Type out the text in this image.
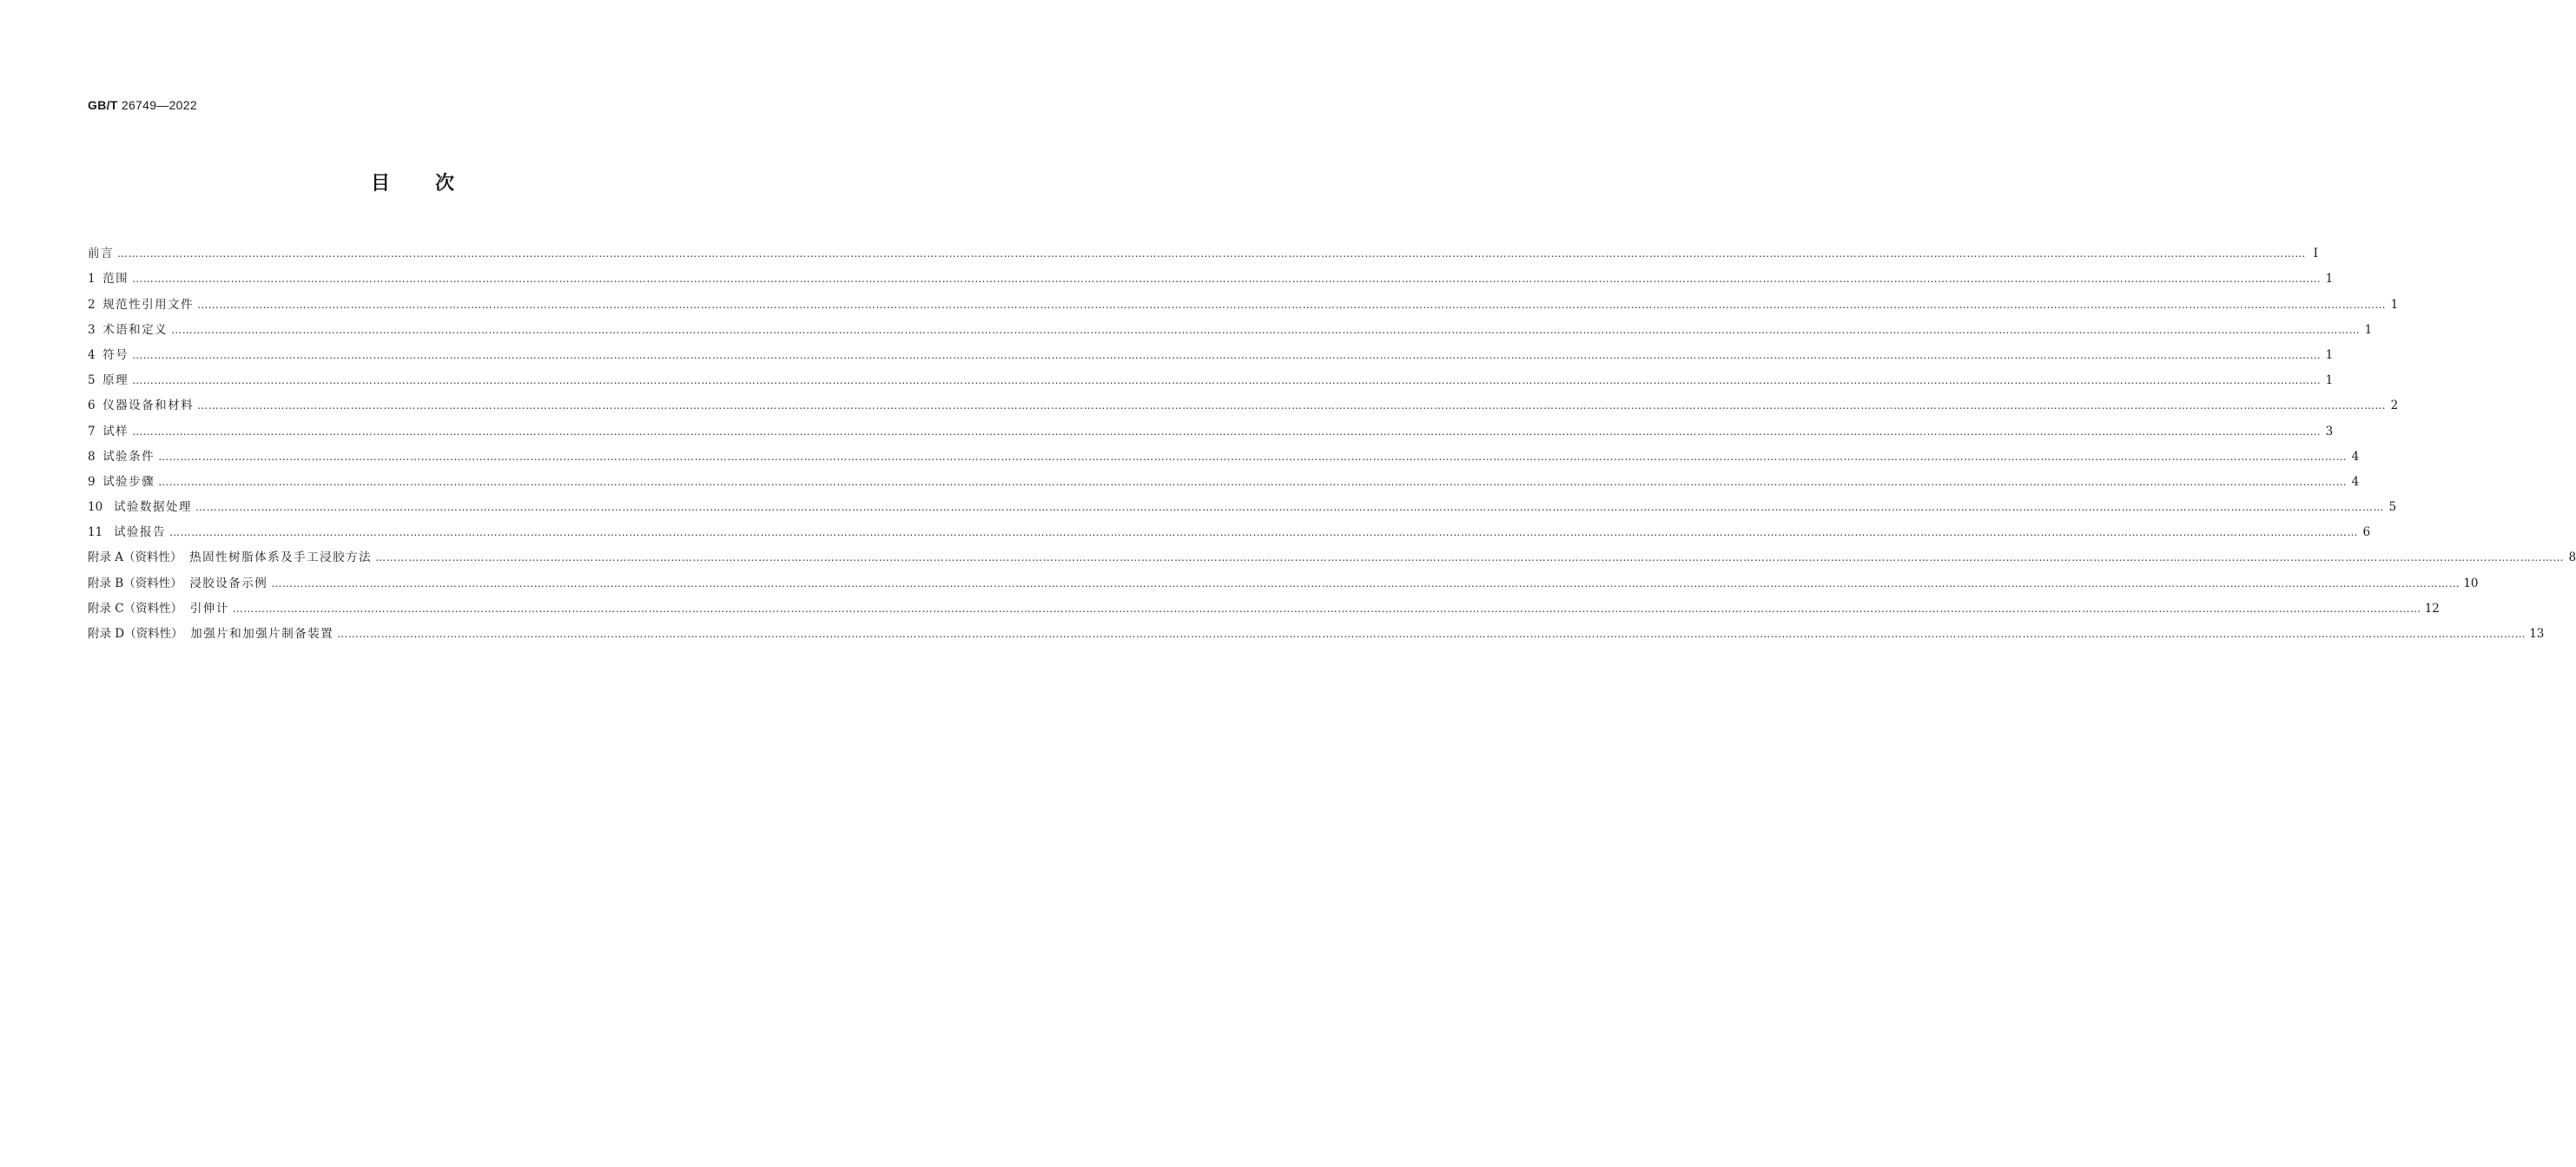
GB/T 26749—2022
目次
前言 …………………………………………………………………………………………………………………………………………………………………………………………………………………………………………………………………………………………………………………………………………………………………………………………………………………………………………………………………………………………………………………………………………………… Ⅰ
1
范围 …………………………………………………………………………………………………………………………………………………………………………………………………………………………………………………………………………………………………………………………………………………………………………………………………………………………………………………………………………………………………………………………………………………… 1
2
规范性引用文件 …………………………………………………………………………………………………………………………………………………………………………………………………………………………………………………………………………………………………………………………………………………………………………………………………………………………………………………………………………………………………………………………………………………… 1
3
术语和定义 …………………………………………………………………………………………………………………………………………………………………………………………………………………………………………………………………………………………………………………………………………………………………………………………………………………………………………………………………………………………………………………………………………………… 1
4
符号 …………………………………………………………………………………………………………………………………………………………………………………………………………………………………………………………………………………………………………………………………………………………………………………………………………………………………………………………………………………………………………………………………………………… 1
5
原理 …………………………………………………………………………………………………………………………………………………………………………………………………………………………………………………………………………………………………………………………………………………………………………………………………………………………………………………………………………………………………………………………………………………… 1
6
仪器设备和材料 …………………………………………………………………………………………………………………………………………………………………………………………………………………………………………………………………………………………………………………………………………………………………………………………………………………………………………………………………………………………………………………………………………………… 2
7
试样 …………………………………………………………………………………………………………………………………………………………………………………………………………………………………………………………………………………………………………………………………………………………………………………………………………………………………………………………………………………………………………………………………………………… 3
8
试验条件 …………………………………………………………………………………………………………………………………………………………………………………………………………………………………………………………………………………………………………………………………………………………………………………………………………………………………………………………………………………………………………………………………………………… 4
9
试验步骤 …………………………………………………………………………………………………………………………………………………………………………………………………………………………………………………………………………………………………………………………………………………………………………………………………………………………………………………………………………………………………………………………………………………… 4
10
试验数据处理 …………………………………………………………………………………………………………………………………………………………………………………………………………………………………………………………………………………………………………………………………………………………………………………………………………………………………………………………………………………………………………………………………………………… 5
11
试验报告 …………………………………………………………………………………………………………………………………………………………………………………………………………………………………………………………………………………………………………………………………………………………………………………………………………………………………………………………………………………………………………………………………………………… 6
附录 A（资料性）
热固性树脂体系及手工浸胶方法 …………………………………………………………………………………………………………………………………………………………………………………………………………………………………………………………………………………………………………………………………………………………………………………………………………………………………………………………………………………………………………………………………………………… 8
附录 B（资料性）
浸胶设备示例 …………………………………………………………………………………………………………………………………………………………………………………………………………………………………………………………………………………………………………………………………………………………………………………………………………………………………………………………………………………………………………………………………………………… 10
附录 C（资料性）
引伸计 …………………………………………………………………………………………………………………………………………………………………………………………………………………………………………………………………………………………………………………………………………………………………………………………………………………………………………………………………………………………………………………………………………………… 12
附录 D（资料性）
加强片和加强片制备装置 …………………………………………………………………………………………………………………………………………………………………………………………………………………………………………………………………………………………………………………………………………………………………………………………………………………………………………………………………………………………………………………………………………………… 13
